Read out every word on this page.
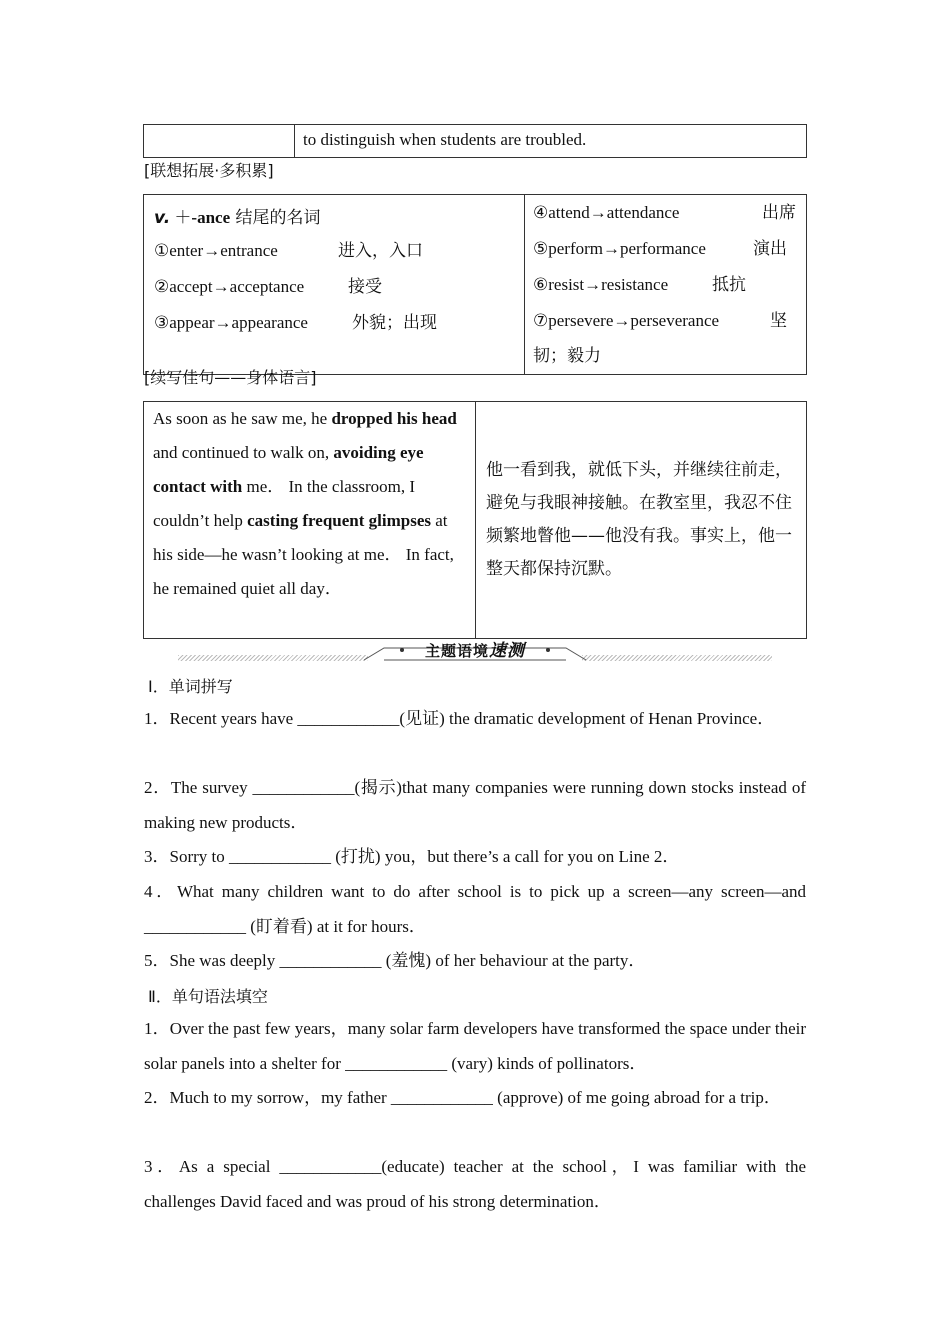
	to distinguish when students are troubled.
[联想拓展·多积累]
v. ＋-ance 结尾的名词
①enter→entrance	进入，入口
②accept→acceptance	接受
③appear→appearance	外貌；出现

④attend→attendance	出席
⑤perform→performance	演出
⑥resist→resistance	抵抗
⑦persevere→perseverance	坚
韧；毅力
[续写佳句——身体语言]
As soon as he saw me, he dropped his head and continued to walk on, avoiding eye contact with me． In the classroom, I couldn’t help casting frequent glimpses at his side—he wasn’t looking at me． In fact, he remained quiet all day．	他一看到我，就低下头，并继续往前走，避免与我眼神接触。在教室里，我忍不住频繁地瞥他——他没有我。事实上，他一整天都保持沉默。
主题语境速测
Ⅰ．单词拼写
1．Recent years have ____________(见证) the dramatic development of Henan Province．
2．The survey ____________(揭示)that many companies were running down stocks instead of making new products．
3．Sorry to ____________ (打扰) you，but there’s a call for you on Line 2．
4．What many children want to do after school is to pick up a screen—any screen—and ____________ (盯着看) at it for hours．
5．She was deeply ____________ (羞愧) of her behaviour at the party．
Ⅱ．单句语法填空
1．Over the past few years，many solar farm developers have transformed the space under their solar panels into a shelter for ____________ (vary) kinds of pollinators．
2．Much to my sorrow，my father ____________ (approve) of me going abroad for a trip．
3．As a special ____________(educate) teacher at the school，I was familiar with the challenges David faced and was proud of his strong determination．
